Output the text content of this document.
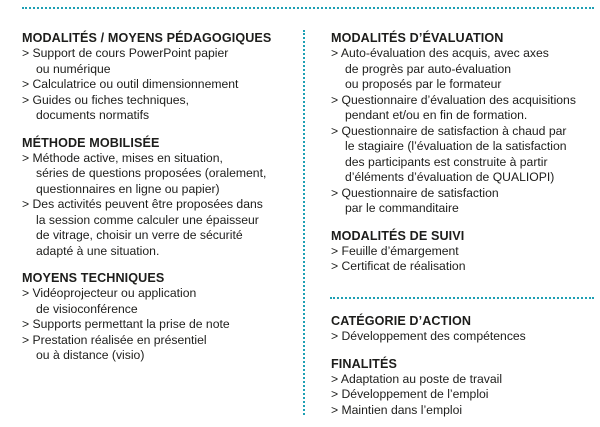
MODALITÉS / MOYENS PÉDAGOGIQUES
> Support de cours PowerPoint papier
ou numérique
> Calculatrice ou outil dimensionnement
> Guides ou fiches techniques,
documents normatifs
MÉTHODE MOBILISÉE
> Méthode active, mises en situation,
séries de questions proposées (oralement,
questionnaires en ligne ou papier)
> Des activités peuvent être proposées dans
la session comme calculer une épaisseur
de vitrage, choisir un verre de sécurité
adapté à une situation.
MOYENS TECHNIQUES
> Vidéoprojecteur ou application
de visioconférence
> Supports permettant la prise de note
> Prestation réalisée en présentiel
ou à distance (visio)
MODALITÉS D’ÉVALUATION
> Auto-évaluation des acquis, avec axes
de progrès par auto-évaluation
ou proposés par le formateur
> Questionnaire d’évaluation des acquisitions
pendant et/ou en fin de formation.
> Questionnaire de satisfaction à chaud par
le stagiaire (l’évaluation de la satisfaction
des participants est construite à partir
d’éléments d’évaluation de QUALIOPI)
> Questionnaire de satisfaction
par le commanditaire
MODALITÉS DE SUIVI
> Feuille d’émargement
> Certificat de réalisation
CATÉGORIE D’ACTION
> Développement des compétences
FINALITÉS
> Adaptation au poste de travail
> Développement de l’emploi
> Maintien dans l’emploi
